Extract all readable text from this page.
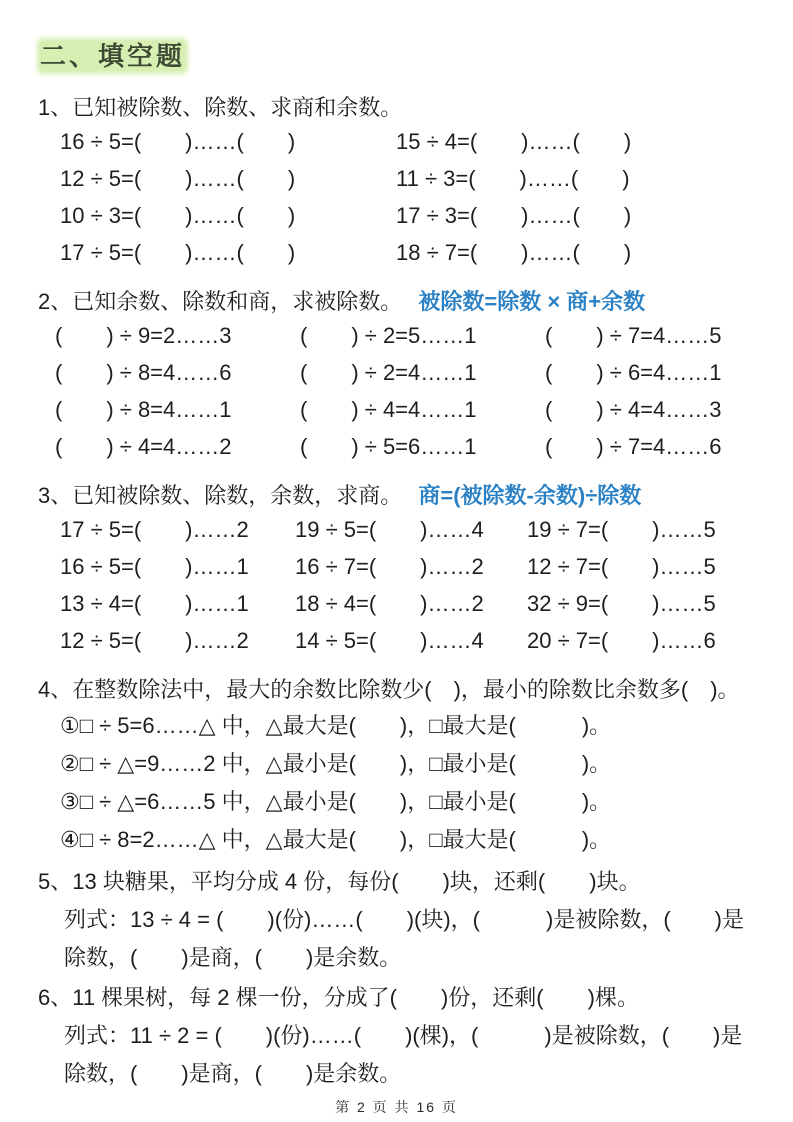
二、填空题
1、已知被除数、除数、求商和余数。
16 ÷ 5=(　　)……(　　)	15 ÷ 4=(　　)……(　　)
12 ÷ 5=(　　)……(　　)	11 ÷ 3=(　　)……(　　)
10 ÷ 3=(　　)……(　　)	17 ÷ 3=(　　)……(　　)
17 ÷ 5=(　　)……(　　)	18 ÷ 7=(　　)……(　　)
2、已知余数、除数和商，求被除数。 被除数=除数 × 商+余数
(　　) ÷ 9=2……3	(　　) ÷ 2=5……1	(　　) ÷ 7=4……5
(　　) ÷ 8=4……6	(　　) ÷ 2=4……1	(　　) ÷ 6=4……1
(　　) ÷ 8=4……1	(　　) ÷ 4=4……1	(　　) ÷ 4=4……3
(　　) ÷ 4=4……2	(　　) ÷ 5=6……1	(　　) ÷ 7=4……6
3、已知被除数、除数，余数，求商。 商=(被除数-余数)÷除数
17 ÷ 5=(　　)……2	19 ÷ 5=(　　)……4	19 ÷ 7=(　　)……5
16 ÷ 5=(　　)……1	16 ÷ 7=(　　)……2	12 ÷ 7=(　　)……5
13 ÷ 4=(　　)……1	18 ÷ 4=(　　)……2	32 ÷ 9=(　　)……5
12 ÷ 5=(　　)……2	14 ÷ 5=(　　)……4	20 ÷ 7=(　　)……6
4、在整数除法中，最大的余数比除数少(　)，最小的除数比余数多(　)。
①□ ÷ 5=6……△ 中，△最大是(　　)，□最大是(　　　)。
②□ ÷ △=9……2 中，△最小是(　　)，□最小是(　　　)。
③□ ÷ △=6……5 中，△最小是(　　)，□最小是(　　　)。
④□ ÷ 8=2……△ 中，△最大是(　　)，□最大是(　　　)。
5、13 块糖果，平均分成 4 份，每份(　　)块，还剩(　　)块。
列式：13 ÷ 4 = (　　)(份)……(　　)(块)，(　　　)是被除数，(　　)是
除数，(　　)是商，(　　)是余数。
6、11 棵果树，每 2 棵一份，分成了(　　)份，还剩(　　)棵。
列式：11 ÷ 2 = (　　)(份)……(　　)(棵)，(　　　)是被除数，(　　)是
除数，(　　)是商，(　　)是余数。
第 2 页 共 16 页
